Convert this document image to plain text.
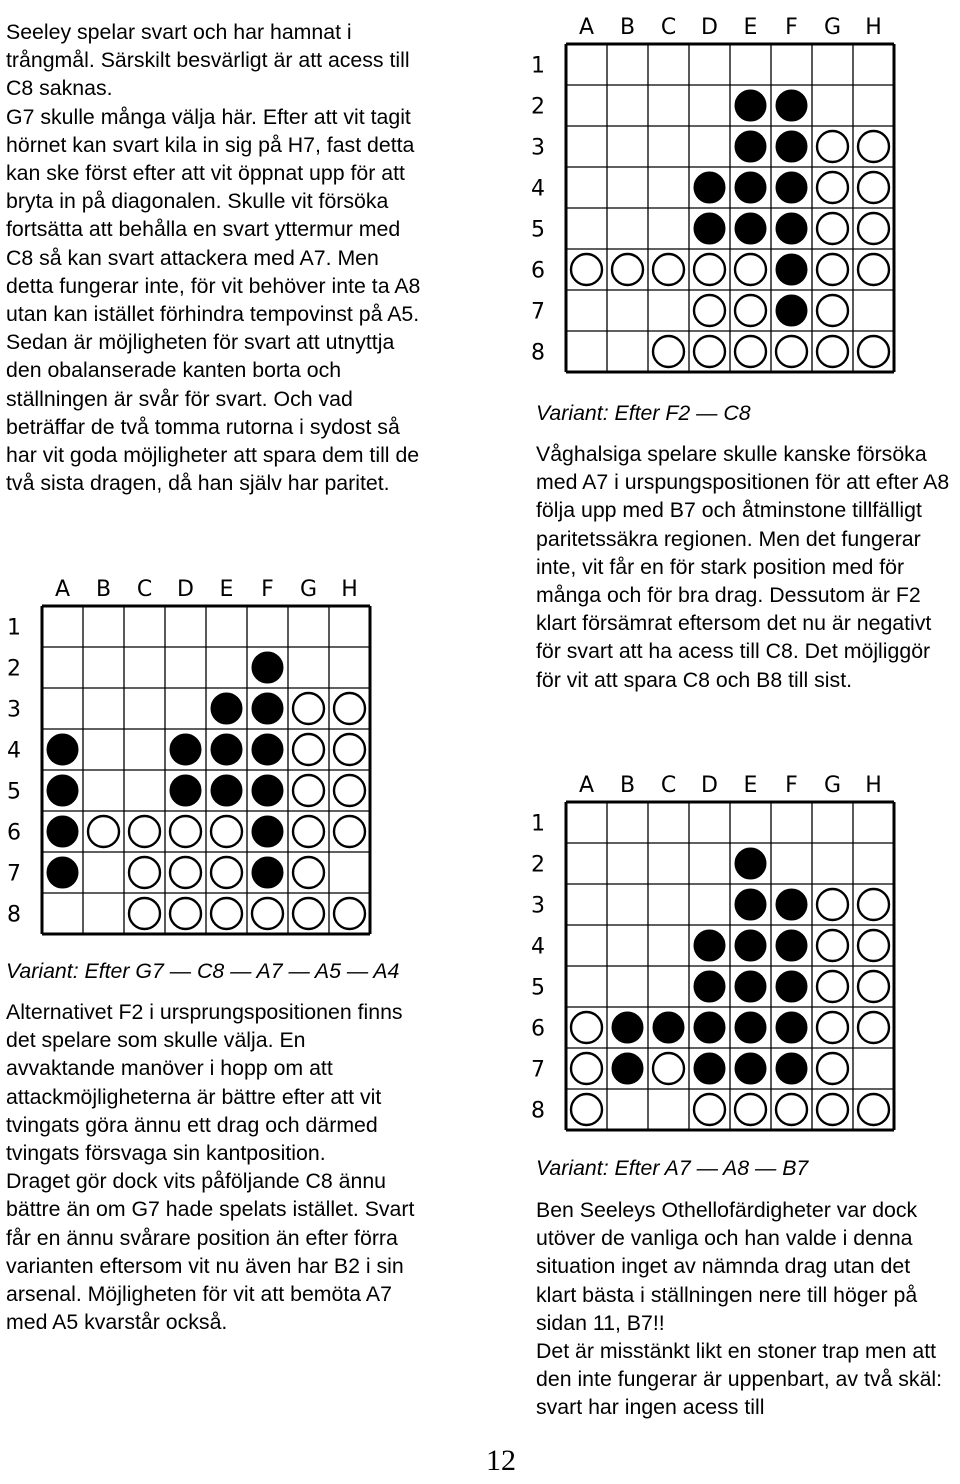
Seeley spelar svart och har hamnat i trångmål. Särskilt besvärligt är att acess till C8 saknas.
G7 skulle många välja här. Efter att vit tagit hörnet kan svart kila in sig på H7, fast detta kan ske först efter att vit öppnat upp för att bryta in på diagonalen. Skulle vit försöka fortsätta att behålla en svart yttermur med C8 så kan svart attackera med A7. Men detta fungerar inte, för vit behöver inte ta A8 utan kan istället förhindra tempovinst på A5. Sedan är möjligheten för svart att utnyttja den obalanserade kanten borta och ställningen är svår för svart. Och vad beträffar de två tomma rutorna i sydost så har vit goda möjligheter att spara dem till de två sista dragen, då han själv har paritet.

A B C D E F G H
1
2
3
4
5
6
7
8

Variant: Efter G7 — C8 — A7 — A5 — A4

Alternativet F2 i ursprungspositionen finns det spelare som skulle välja. En avvaktande manöver i hopp om att attackmöjligheterna är bättre efter att vit tvingats göra ännu ett drag och därmed tvingats försvaga sin kantposition.
Draget gör dock vits påföljande C8 ännu bättre än om G7 hade spelats istället. Svart får en ännu svårare position än efter förra varianten eftersom vit nu även har B2 i sin arsenal. Möjligheten för vit att bemöta A7 med A5 kvarstår också.

A B C D E F G H
1
2
3
4
5
6
7
8

Variant: Efter F2 — C8

Våghalsiga spelare skulle kanske försöka med A7 i urspungspositionen för att efter A8 följa upp med B7 och åtminstone tillfälligt paritetssäkra regionen. Men det fungerar inte, vit får en för stark position med för många och för bra drag. Dessutom är F2 klart försämrat eftersom det nu är negativt för svart att ha acess till C8. Det möjliggör för vit att spara C8 och B8 till sist.

A B C D E F G H
1
2
3
4
5
6
7
8

Variant: Efter A7 — A8 — B7

Ben Seeleys Othellofärdigheter var dock utöver de vanliga och han valde i denna situation inget av nämnda drag utan det klart bästa i ställningen nere till höger på sidan 11, B7!!
Det är misstänkt likt en stoner trap men att den inte fungerar är uppenbart, av två skäl: svart har ingen acess till

12
